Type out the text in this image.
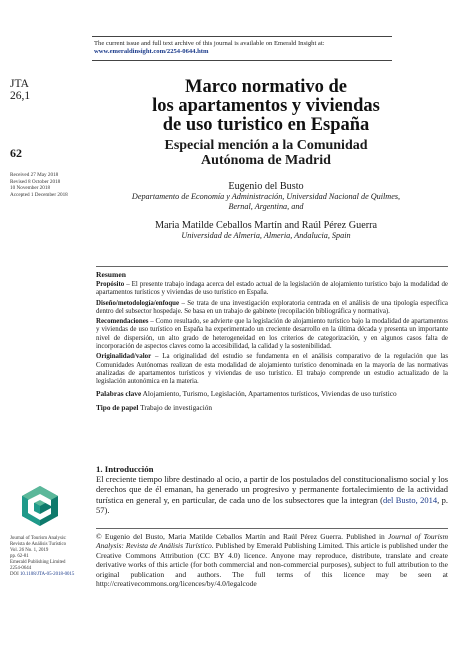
The current issue and full text archive of this journal is available on Emerald Insight at:
www.emeraldinsight.com/2254-0644.htm
JTA
26,1
62
Received 27 May 2018
Revised 8 October 2018
10 November 2018
Accepted 1 December 2018
Marco normativo de
los apartamentos y viviendas
de uso turistico en España
Especial mención a la Comunidad
Autónoma de Madrid
Eugenio del Busto
Departamento de Economía y Administración, Universidad Nacional de Quilmes,
Bernal, Argentina, and
Maria Matilde Ceballos Martín and Raúl Pérez Guerra
Universidad de Almeria, Almeria, Andalucia, Spain
Resumen
Propósito – El presente trabajo indaga acerca del estado actual de la legislación de alojamiento turístico bajo la modalidad de apartamentos turísticos y viviendas de uso turístico en España.
Diseño/metodología/enfoque – Se trata de una investigación exploratoria centrada en el análisis de una tipología específica dentro del subsector hospedaje. Se basa en un trabajo de gabinete (recopilación bibliográfica y normativa).
Recomendaciones – Como resultado, se advierte que la legislación de alojamiento turístico bajo la modalidad de apartamentos y viviendas de uso turístico en España ha experimentado un creciente desarrollo en la última década y presenta un importante nivel de dispersión, un alto grado de heterogeneidad en los criterios de categorización, y en algunos casos falta de incorporación de aspectos claves como la accesibilidad, la calidad y la sostenibilidad.
Originalidad/valor – La originalidad del estudio se fundamenta en el análisis comparativo de la regulación que las Comunidades Autónomas realizan de esta modalidad de alojamiento turístico denominada en la mayoría de las normativas analizadas de apartamentos turísticos y viviendas de uso turístico. El trabajo comprende un estudio actualizado de la legislación autonómica en la materia.
Palabras clave Alojamiento, Turismo, Legislación, Apartamentos turísticos, Viviendas de uso turístico
Tipo de papel Trabajo de investigación
1. Introducción
El creciente tiempo libre destinado al ocio, a partir de los postulados del constitucionalismo social y los derechos que de él emanan, ha generado un progresivo y permanente fortalecimiento de la actividad turística en general y, en particular, de cada uno de los subsectores que la integran (del Busto, 2014, p. 57).
Journal of Tourism Analysis:
Revista de Análisis Turístico
Vol. 26 No. 1, 2019
pp. 62-81
Emerald Publishing Limited
2254-0644
DOI 10.1108/JTA-05-2018-0015
© Eugenio del Busto, Maria Matilde Ceballos Martín and Raúl Pérez Guerra. Published in Journal of Tourism Analysis: Revista de Análisis Turístico. Published by Emerald Publishing Limited. This article is published under the Creative Commons Attribution (CC BY 4.0) licence. Anyone may reproduce, distribute, translate and create derivative works of this article (for both commercial and non-commercial purposes), subject to full attribution to the original publication and authors. The full terms of this licence may be seen at http://creativecommons.org/licences/by/4.0/legalcode
